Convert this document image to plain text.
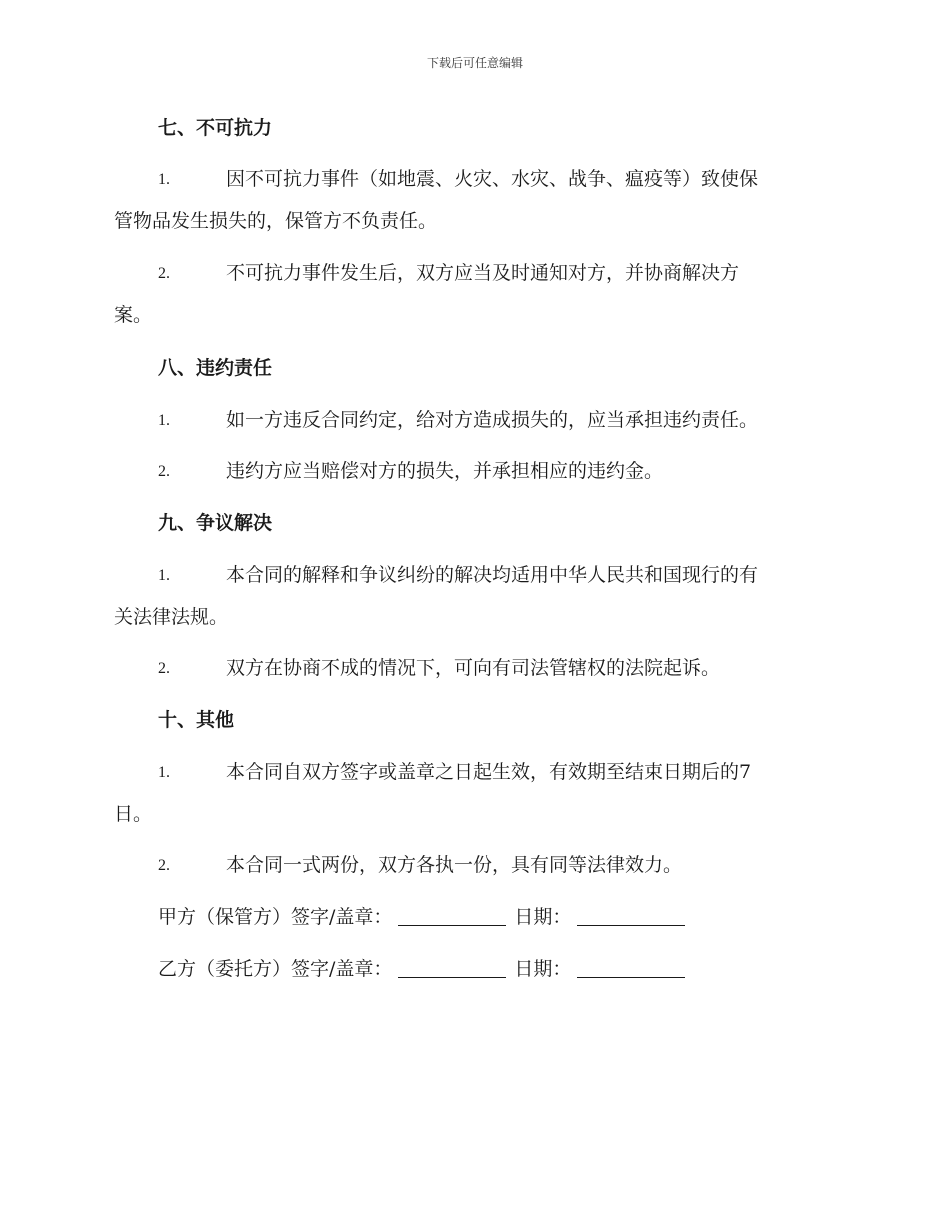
下载后可任意编辑
七、不可抗力
1.	因不可抗力事件（如地震、火灾、水灾、战争、瘟疫等）致使保
管物品发生损失的，保管方不负责任。
2.	不可抗力事件发生后，双方应当及时通知对方，并协商解决方
案。
八、违约责任
1.	如一方违反合同约定，给对方造成损失的，应当承担违约责任。
2.	违约方应当赔偿对方的损失，并承担相应的违约金。
九、争议解决
1.	本合同的解释和争议纠纷的解决均适用中华人民共和国现行的有
关法律法规。
2.	双方在协商不成的情况下，可向有司法管辖权的法院起诉。
十、其他
1.	本合同自双方签字或盖章之日起生效，有效期至结束日期后的7
日。
2.	本合同一式两份，双方各执一份，具有同等法律效力。
甲方（保管方）签字/盖章：	日期：
乙方（委托方）签字/盖章：	日期：
